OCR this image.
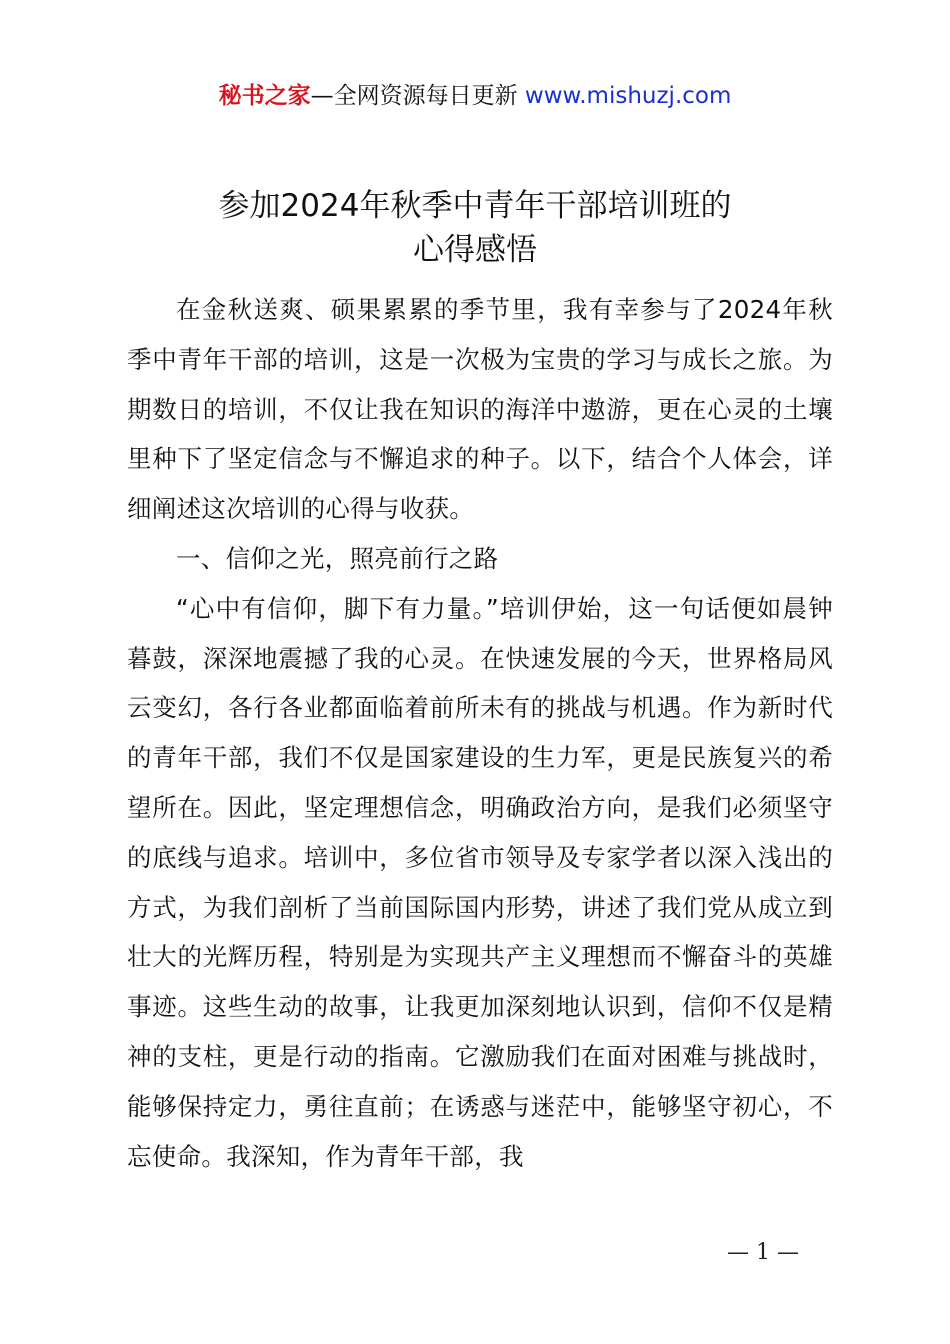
秘书之家—全网资源每日更新 www.mishuzj.com
参加2024年秋季中青年干部培训班的
心得感悟

在金秋送爽、硕果累累的季节里，我有幸参与了2024年秋季中青年干部的培训，这是一次极为宝贵的学习与成长之旅。为期数日的培训，不仅让我在知识的海洋中遨游，更在心灵的土壤里种下了坚定信念与不懈追求的种子。以下，结合个人体会，详细阐述这次培训的心得与收获。

一、信仰之光，照亮前行之路

“心中有信仰，脚下有力量。”培训伊始，这一句话便如晨钟暮鼓，深深地震撼了我的心灵。在快速发展的今天，世界格局风云变幻，各行各业都面临着前所未有的挑战与机遇。作为新时代的青年干部，我们不仅是国家建设的生力军，更是民族复兴的希望所在。因此，坚定理想信念，明确政治方向，是我们必须坚守的底线与追求。培训中，多位省市领导及专家学者以深入浅出的方式，为我们剖析了当前国际国内形势，讲述了我们党从成立到壮大的光辉历程，特别是为实现共产主义理想而不懈奋斗的英雄事迹。这些生动的故事，让我更加深刻地认识到，信仰不仅是精神的支柱，更是行动的指南。它激励我们在面对困难与挑战时，能够保持定力，勇往直前；在诱惑与迷茫中，能够坚守初心，不忘使命。我深知，作为青年干部，我

— 1 —
